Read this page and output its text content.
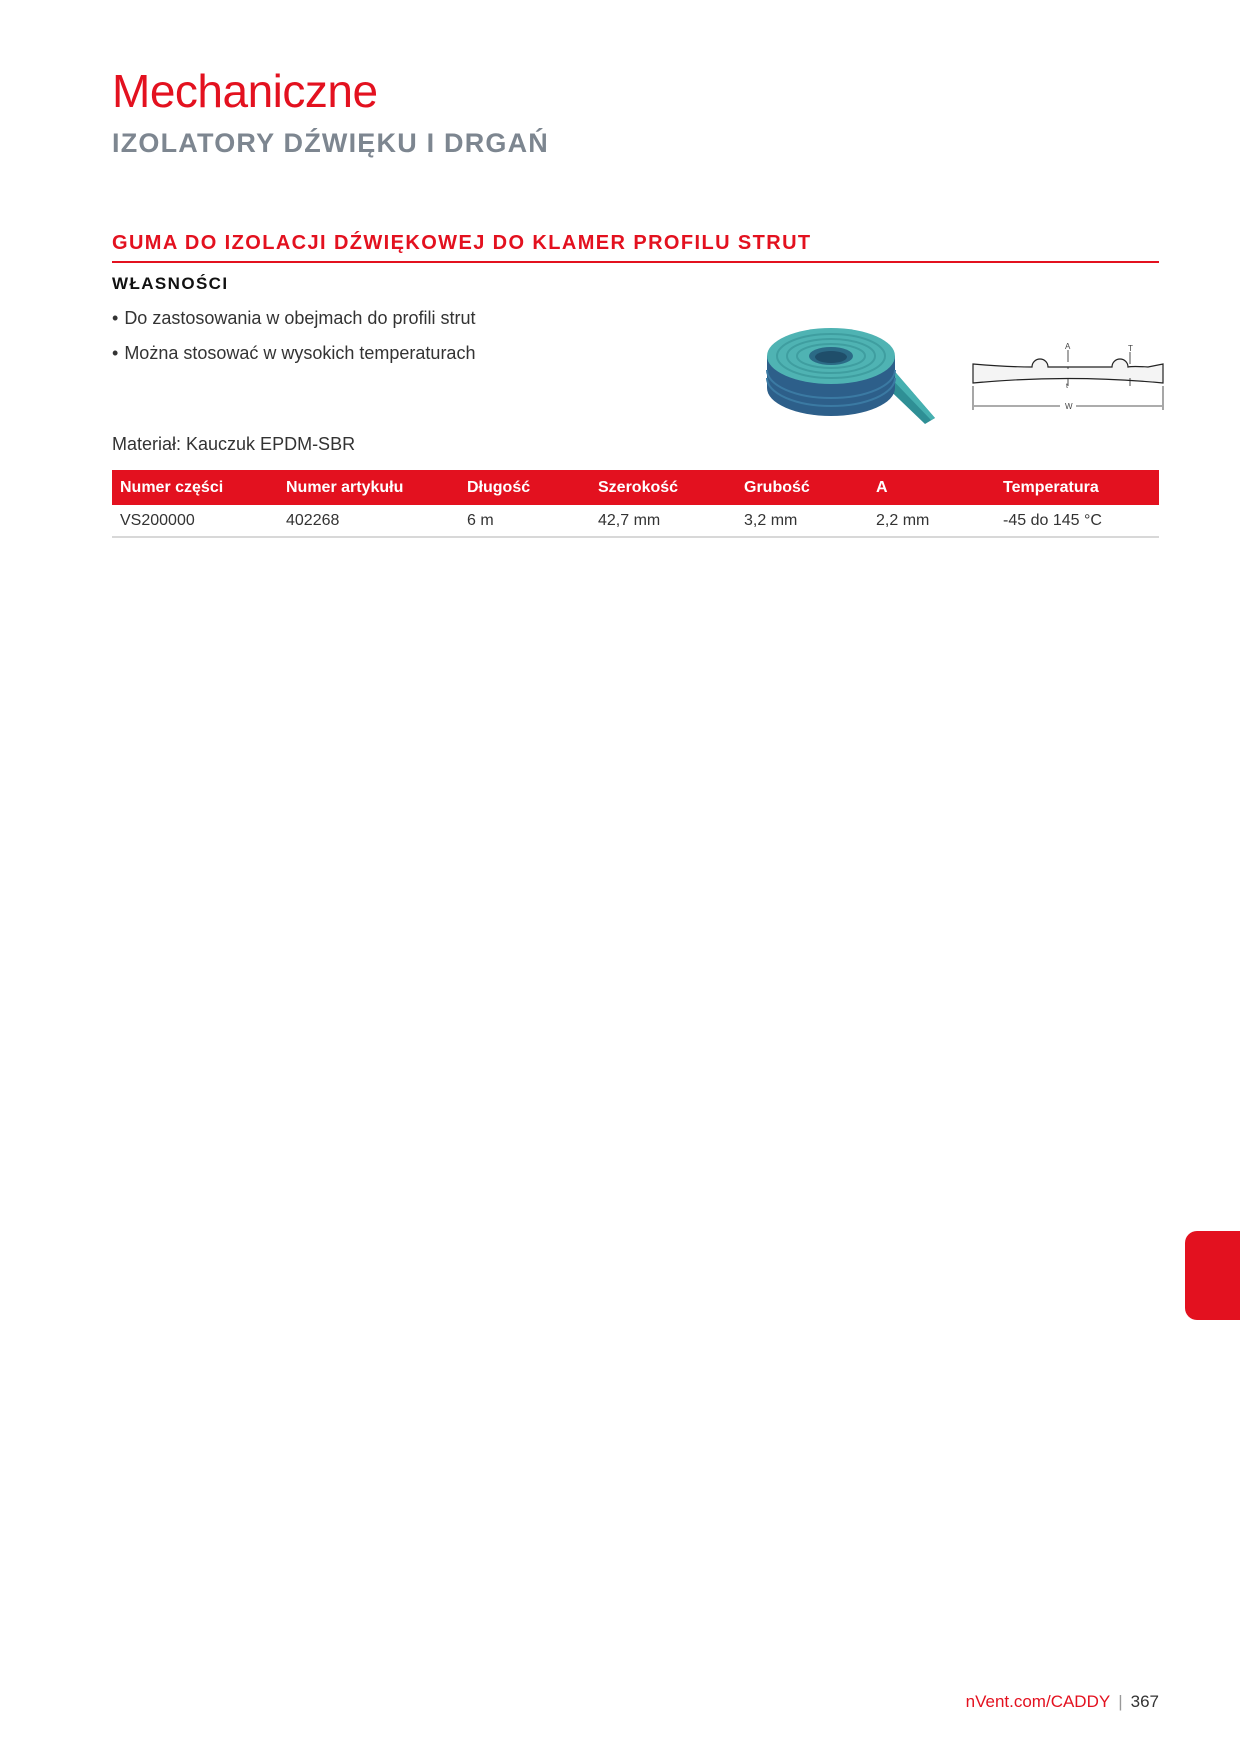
Mechaniczne
IZOLATORY DŹWIĘKU I DRGAŃ
GUMA DO IZOLACJI DŹWIĘKOWEJ DO KLAMER PROFILU STRUT
WŁASNOŚCI
• Do zastosowania w obejmach do profili strut
• Można stosować w wysokich temperaturach	A	T
t
W
Materiał: Kauczuk EPDM-SBR
Numer części	Numer artykułu	Długość	Szerokość	Grubość	A	Temperatura
VS200000	402268	6 m	42,7 mm	3,2 mm	2,2 mm	-45 do 145 °C
nVent.com/CADDY | 367
